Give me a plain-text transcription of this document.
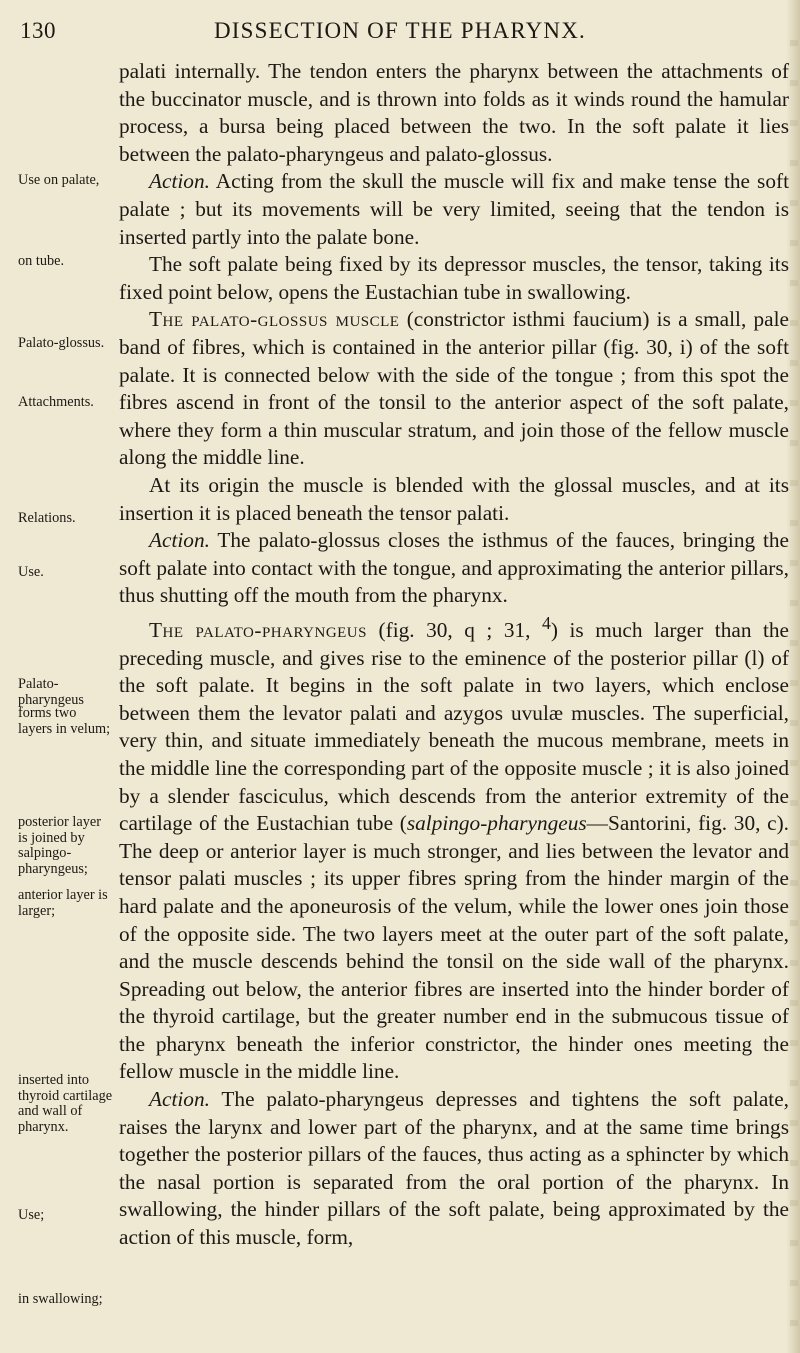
130	DISSECTION OF THE PHARYNX.
Use on palate,
on tube.
Palato-glossus.
Attachments.
Relations.
Use.
Palato-pharyngeus
forms two layers in velum;
posterior layer is joined by salpingo-pharyngeus;
anterior layer is larger;
inserted into thyroid cartilage and wall of pharynx.
Use;
in swallowing;

palati internally. The tendon enters the pharynx between the attachments of the buccinator muscle, and is thrown into folds as it winds round the hamular process, a bursa being placed between the two. In the soft palate it lies between the palato-pharyngeus and palato-glossus.

Action. Acting from the skull the muscle will fix and make tense the soft palate ; but its movements will be very limited, seeing that the tendon is inserted partly into the palate bone.

The soft palate being fixed by its depressor muscles, the tensor, taking its fixed point below, opens the Eustachian tube in swallowing.

The palato-glossus muscle (constrictor isthmi faucium) is a small, pale band of fibres, which is contained in the anterior pillar (fig. 30, i) of the soft palate. It is connected below with the side of the tongue ; from this spot the fibres ascend in front of the tonsil to the anterior aspect of the soft palate, where they form a thin muscular stratum, and join those of the fellow muscle along the middle line.

At its origin the muscle is blended with the glossal muscles, and at its insertion it is placed beneath the tensor palati.

Action. The palato-glossus closes the isthmus of the fauces, bringing the soft palate into contact with the tongue, and approximating the anterior pillars, thus shutting off the mouth from the pharynx.

The palato-pharyngeus (fig. 30, q ; 31, $^4$) is much larger than the preceding muscle, and gives rise to the eminence of the posterior pillar (l) of the soft palate. It begins in the soft palate in two layers, which enclose between them the levator palati and azygos uvulæ muscles. The superficial, very thin, and situate immediately beneath the mucous membrane, meets in the middle line the corresponding part of the opposite muscle ; it is also joined by a slender fasciculus, which descends from the anterior extremity of the cartilage of the Eustachian tube (salpingo-pharyngeus—Santorini, fig. 30, c). The deep or anterior layer is much stronger, and lies between the levator and tensor palati muscles ; its upper fibres spring from the hinder margin of the hard palate and the aponeurosis of the velum, while the lower ones join those of the opposite side. The two layers meet at the outer part of the soft palate, and the muscle descends behind the tonsil on the side wall of the pharynx. Spreading out below, the anterior fibres are inserted into the hinder border of the thyroid cartilage, but the greater number end in the submucous tissue of the pharynx beneath the inferior constrictor, the hinder ones meeting the fellow muscle in the middle line.

Action. The palato-pharyngeus depresses and tightens the soft palate, raises the larynx and lower part of the pharynx, and at the same time brings together the posterior pillars of the fauces, thus acting as a sphincter by which the nasal portion is separated from the oral portion of the pharynx. In swallowing, the hinder pillars of the soft palate, being approximated by the action of this muscle, form,
